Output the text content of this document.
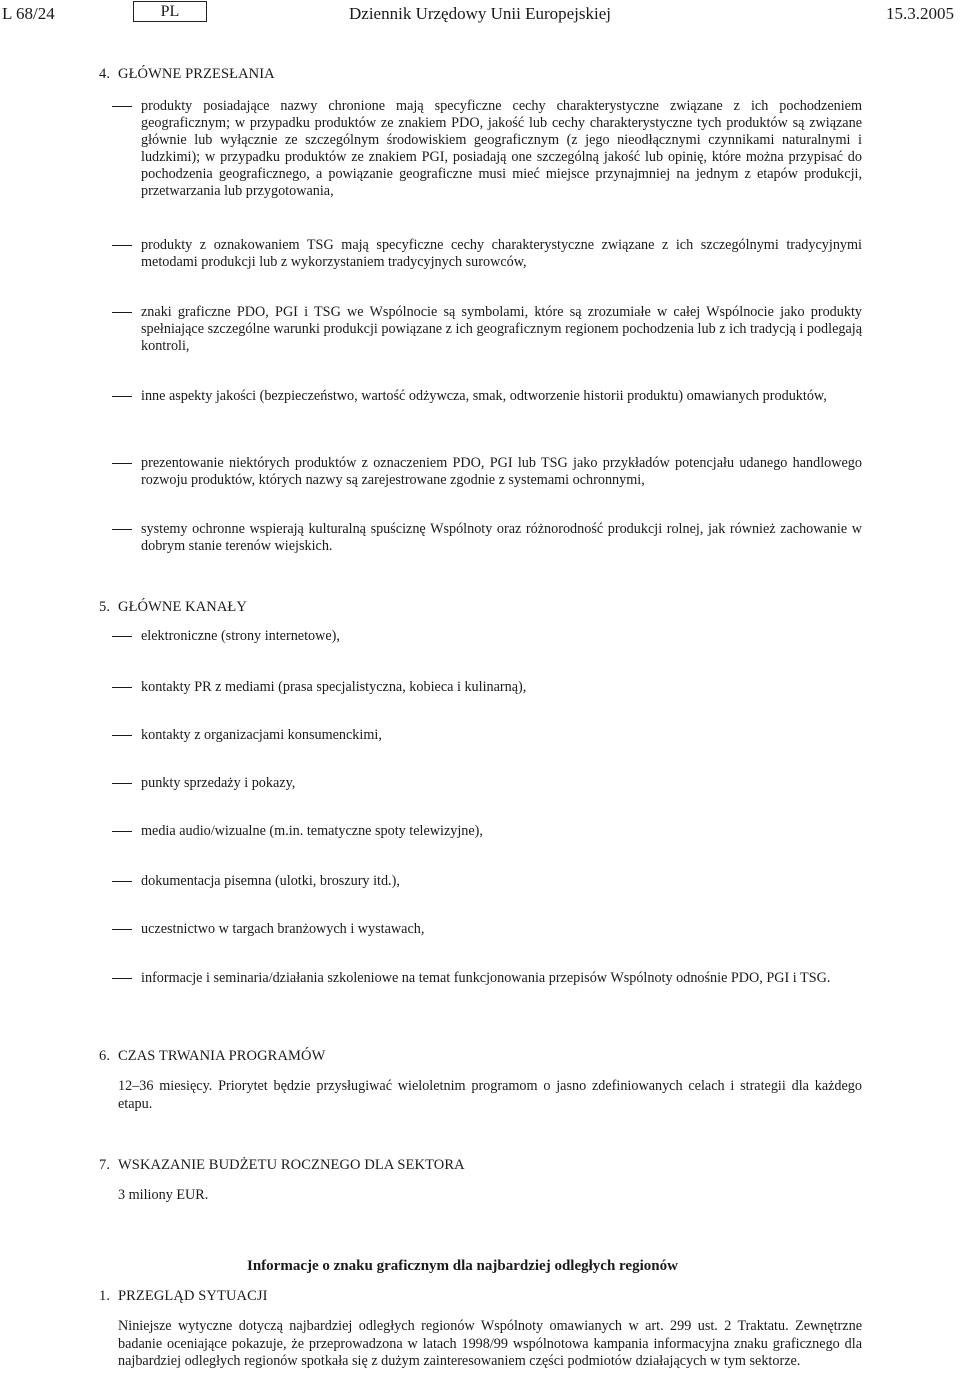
L 68/24	PL	Dziennik Urzędowy Unii Europejskiej	15.3.2005
4. GŁÓWNE PRZESŁANIA
produkty posiadające nazwy chronione mają specyficzne cechy charakterystyczne związane z ich pochodzeniem geograficznym; w przypadku produktów ze znakiem PDO, jakość lub cechy charakterystyczne tych produktów są związane głównie lub wyłącznie ze szczególnym środowiskiem geograficznym (z jego nieodłącznymi czynnikami naturalnymi i ludzkimi); w przypadku produktów ze znakiem PGI, posiadają one szczególną jakość lub opinię, które można przypisać do pochodzenia geograficznego, a powiązanie geograficzne musi mieć miejsce przynajmniej na jednym z etapów produkcji, przetwarzania lub przygotowania,
produkty z oznakowaniem TSG mają specyficzne cechy charakterystyczne związane z ich szczególnymi tradycyjnymi metodami produkcji lub z wykorzystaniem tradycyjnych surowców,
znaki graficzne PDO, PGI i TSG we Wspólnocie są symbolami, które są zrozumiałe w całej Wspólnocie jako produkty spełniające szczególne warunki produkcji powiązane z ich geograficznym regionem pochodzenia lub z ich tradycją i podlegają kontroli,
inne aspekty jakości (bezpieczeństwo, wartość odżywcza, smak, odtworzenie historii produktu) omawianych produktów,
prezentowanie niektórych produktów z oznaczeniem PDO, PGI lub TSG jako przykładów potencjału udanego handlowego rozwoju produktów, których nazwy są zarejestrowane zgodnie z systemami ochronnymi,
systemy ochronne wspierają kulturalną spuściznę Wspólnoty oraz różnorodność produkcji rolnej, jak również zachowanie w dobrym stanie terenów wiejskich.
5. GŁÓWNE KANAŁY
elektroniczne (strony internetowe),
kontakty PR z mediami (prasa specjalistyczna, kobieca i kulinarną),
kontakty z organizacjami konsumenckimi,
punkty sprzedaży i pokazy,
media audio/wizualne (m.in. tematyczne spoty telewizyjne),
dokumentacja pisemna (ulotki, broszury itd.),
uczestnictwo w targach branżowych i wystawach,
informacje i seminaria/działania szkoleniowe na temat funkcjonowania przepisów Wspólnoty odnośnie PDO, PGI i TSG.
6. CZAS TRWANIA PROGRAMÓW
12–36 miesięcy. Priorytet będzie przysługiwać wieloletnim programom o jasno zdefiniowanych celach i strategii dla każdego etapu.
7. WSKAZANIE BUDŻETU ROCZNEGO DLA SEKTORA
3 miliony EUR.
Informacje o znaku graficznym dla najbardziej odległych regionów
1. PRZEGLĄD SYTUACJI
Niniejsze wytyczne dotyczą najbardziej odległych regionów Wspólnoty omawianych w art. 299 ust. 2 Traktatu. Zewnętrzne badanie oceniające pokazuje, że przeprowadzona w latach 1998/99 wspólnotowa kampania informacyjna znaku graficznego dla najbardziej odległych regionów spotkała się z dużym zainteresowaniem części podmiotów działających w tym sektorze.
